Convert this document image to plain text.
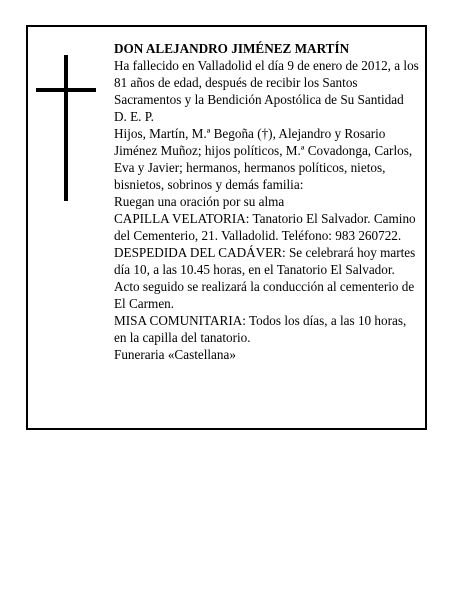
DON ALEJANDRO JIMÉNEZ MARTÍN

Ha fallecido en Valladolid el día 9 de enero de 2012, a los 81 años de edad, después de recibir los Santos Sacramentos y la Bendición Apostólica de Su Santidad

D. E. P.

Hijos, Martín, M.ª Begoña (†), Alejandro y Rosario Jiménez Muñoz; hijos políticos, M.ª Covadonga, Carlos, Eva y Javier; hermanos, hermanos políticos, nietos, bisnietos, sobrinos y demás familia:

Ruegan una oración por su alma

CAPILLA VELATORIA: Tanatorio El Salvador. Camino del Cementerio, 21. Valladolid. Teléfono: 983 260722.

DESPEDIDA DEL CADÁVER: Se celebrará hoy martes día 10, a las 10.45 horas, en el Tanatorio El Salvador. Acto seguido se realizará la conducción al cementerio de El Carmen.

MISA COMUNITARIA: Todos los días, a las 10 horas, en la capilla del tanatorio.

Funeraria «Castellana»
